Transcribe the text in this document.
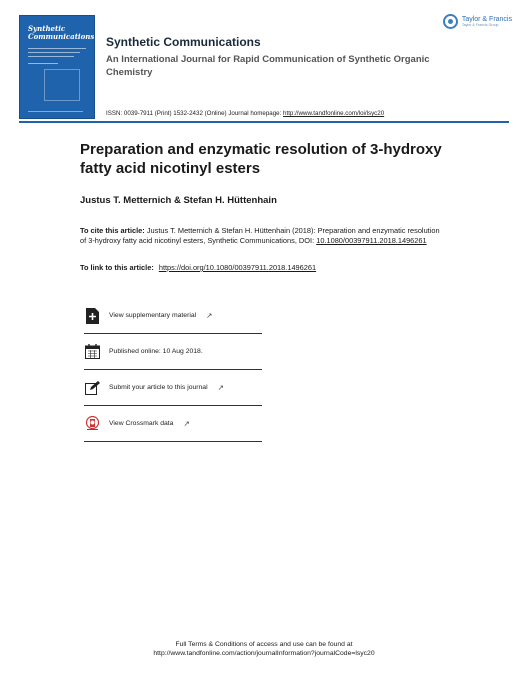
Taylor & Francis
Taylor & Francis Group
Synthetic
Communications Synthetic Communications
An International Journal for Rapid Communication of Synthetic Organic Chemistry
ISSN: 0039-7911 (Print) 1532-2432 (Online) Journal homepage: http://www.tandfonline.com/loi/lsyc20
Preparation and enzymatic resolution of 3-hydroxy fatty acid nicotinyl esters
Justus T. Metternich & Stefan H. Hüttenhain
To cite this article: Justus T. Metternich & Stefan H. Hüttenhain (2018): Preparation and enzymatic resolution of 3-hydroxy fatty acid nicotinyl esters, Synthetic Communications, DOI: 10.1080/00397911.2018.1496261
To link to this article: https://doi.org/10.1080/00397911.2018.1496261
View supplementary material ↗
Published online: 10 Aug 2018.
Submit your article to this journal ↗
View Crossmark data ↗
Full Terms & Conditions of access and use can be found at
http://www.tandfonline.com/action/journalInformation?journalCode=lsyc20
